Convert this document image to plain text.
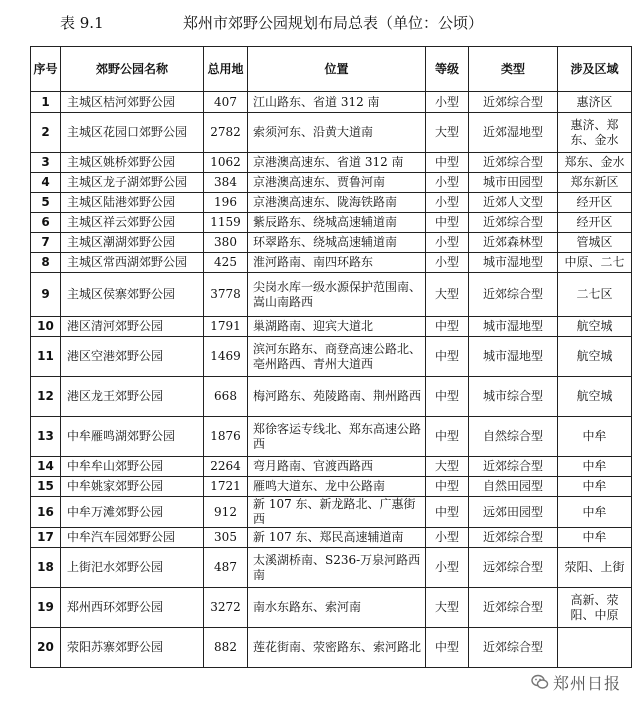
表 9.1	郑州市郊野公园规划布局总表（单位：公顷）
序号	郊野公园名称	总用地	位置	等级	类型	涉及区域
1	主城区桔河郊野公园	407	江山路东、省道 312 南	小型	近郊综合型	惠济区
2	主城区花园口郊野公园	2782	索须河东、沿黄大道南	大型	近郊湿地型	惠济、郑东、金水
3	主城区姚桥郊野公园	1062	京港澳高速东、省道 312 南	中型	近郊综合型	郑东、金水
4	主城区龙子湖郊野公园	384	京港澳高速东、贾鲁河南	小型	城市田园型	郑东新区
5	主城区陆港郊野公园	196	京港澳高速东、陇海铁路南	小型	近郊人文型	经开区
6	主城区祥云郊野公园	1159	紫辰路东、绕城高速辅道南	中型	近郊综合型	经开区
7	主城区潮湖郊野公园	380	环翠路东、绕城高速辅道南	小型	近郊森林型	管城区
8	主城区常西湖郊野公园	425	淮河路南、南四环路东	小型	城市湿地型	中原、二七
9	主城区侯寨郊野公园	3778	尖岗水库一级水源保护范围南、嵩山南路西	大型	近郊综合型	二七区
10	港区清河郊野公园	1791	巢湖路南、迎宾大道北	中型	城市湿地型	航空城
11	港区空港郊野公园	1469	滨河东路东、商登高速公路北、亳州路西、青州大道西	中型	城市湿地型	航空城
12	港区龙王郊野公园	668	梅河路东、苑陵路南、荆州路西	中型	城市综合型	航空城
13	中牟雁鸣湖郊野公园	1876	郑徐客运专线北、郑东高速公路西	中型	自然综合型	中牟
14	中牟牟山郊野公园	2264	弯月路南、官渡西路西	大型	近郊综合型	中牟
15	中牟姚家郊野公园	1721	雁鸣大道东、龙中公路南	中型	自然田园型	中牟
16	中牟万滩郊野公园	912	新 107 东、新龙路北、广惠街西	中型	远郊田园型	中牟
17	中牟汽车园郊野公园	305	新 107 东、郑民高速辅道南	小型	近郊综合型	中牟
18	上街汜水郊野公园	487	太溪湖桥南、S236-万泉河路西南	小型	远郊综合型	荥阳、上街
19	郑州西环郊野公园	3272	南水东路东、索河南	大型	近郊综合型	高新、荥阳、中原
20	荥阳苏寨郊野公园	882	莲花街南、荥密路东、索河路北	中型	近郊综合型	
郑州日报
